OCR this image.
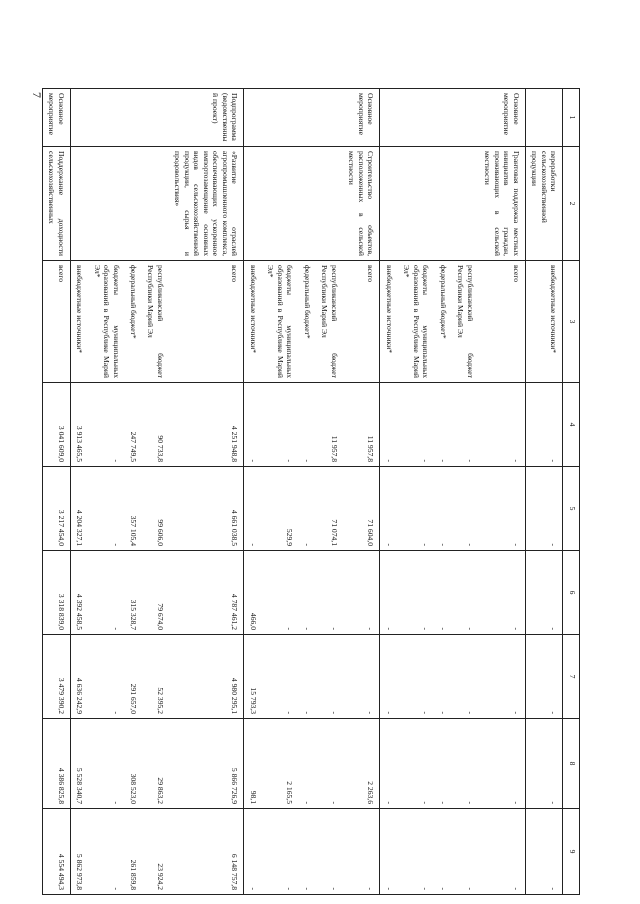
7
1	2	3	4	5	6	7	8	9
	переработки сельскохозяйственной продукции	внебюджетные источники*	-	-	-	-	-	-
Основное мероприятие	Грантовая поддержка местных инициатив граждан, проживающих в сельской местности	всего	-	-	-	-	-	-
		республиканский бюджет Республики Марий Эл	-	-	-	-	-	-
		федеральный бюджет*	-	-	-	-	-	-
		бюджеты муниципальных образований в Республике Марий Эл*	-	-	-	-	-	-
		внебюджетные источники*	-	-	-	-	-	-
Основное мероприятие	Строительство объектов, расположенных в сельской местности	всего	11 957,8	71 604,0	-	-	2 263,6	-
		республиканский бюджет Республики Марий Эл	11 957,8	71 074,1	-	-	-	-
		федеральный бюджет*	-	-	-	-	-	-
		бюджеты муниципальных образований в Республике Марий Эл*	-	529,9	-	-	2 165,5	-
		внебюджетные источники*	-	-	466,0	15 793,3	98,1	-
Подпрограмма (ведомственный проект)	«Развитие отраслей агропромышленного комплекса, обеспечивающих ускоренное импортозамещение основных видов сельскохозяйственной продукции, сырья и продовольствия»	всего	4 251 948,8	4 661 038,5	4 787 461,2	4 980 295,1	5 866 726,9	6 148 757,8
		республиканский бюджет Республики Марий Эл	90 733,8	99 606,0	79 674,0	52 395,2	29 863,2	23 924,2
		федеральный бюджет*	247 749,5	357 105,4	315 328,7	291 657,0	308 523,0	261 859,8
		бюджеты муниципальных образований в Республике Марий Эл*	-	-	-	-	-	-
		внебюджетные источники*	3 913 465,5	4 204 327,1	4 392 458,5	4 636 242,9	5 528 340,7	5 862 973,8
Основное мероприятие	Поддержание доходности сельскохозяйственных	всего	3 041 609,0	3 217 454,0	3 318 839,0	3 479 390,2	4 386 825,8	4 554 494,3
